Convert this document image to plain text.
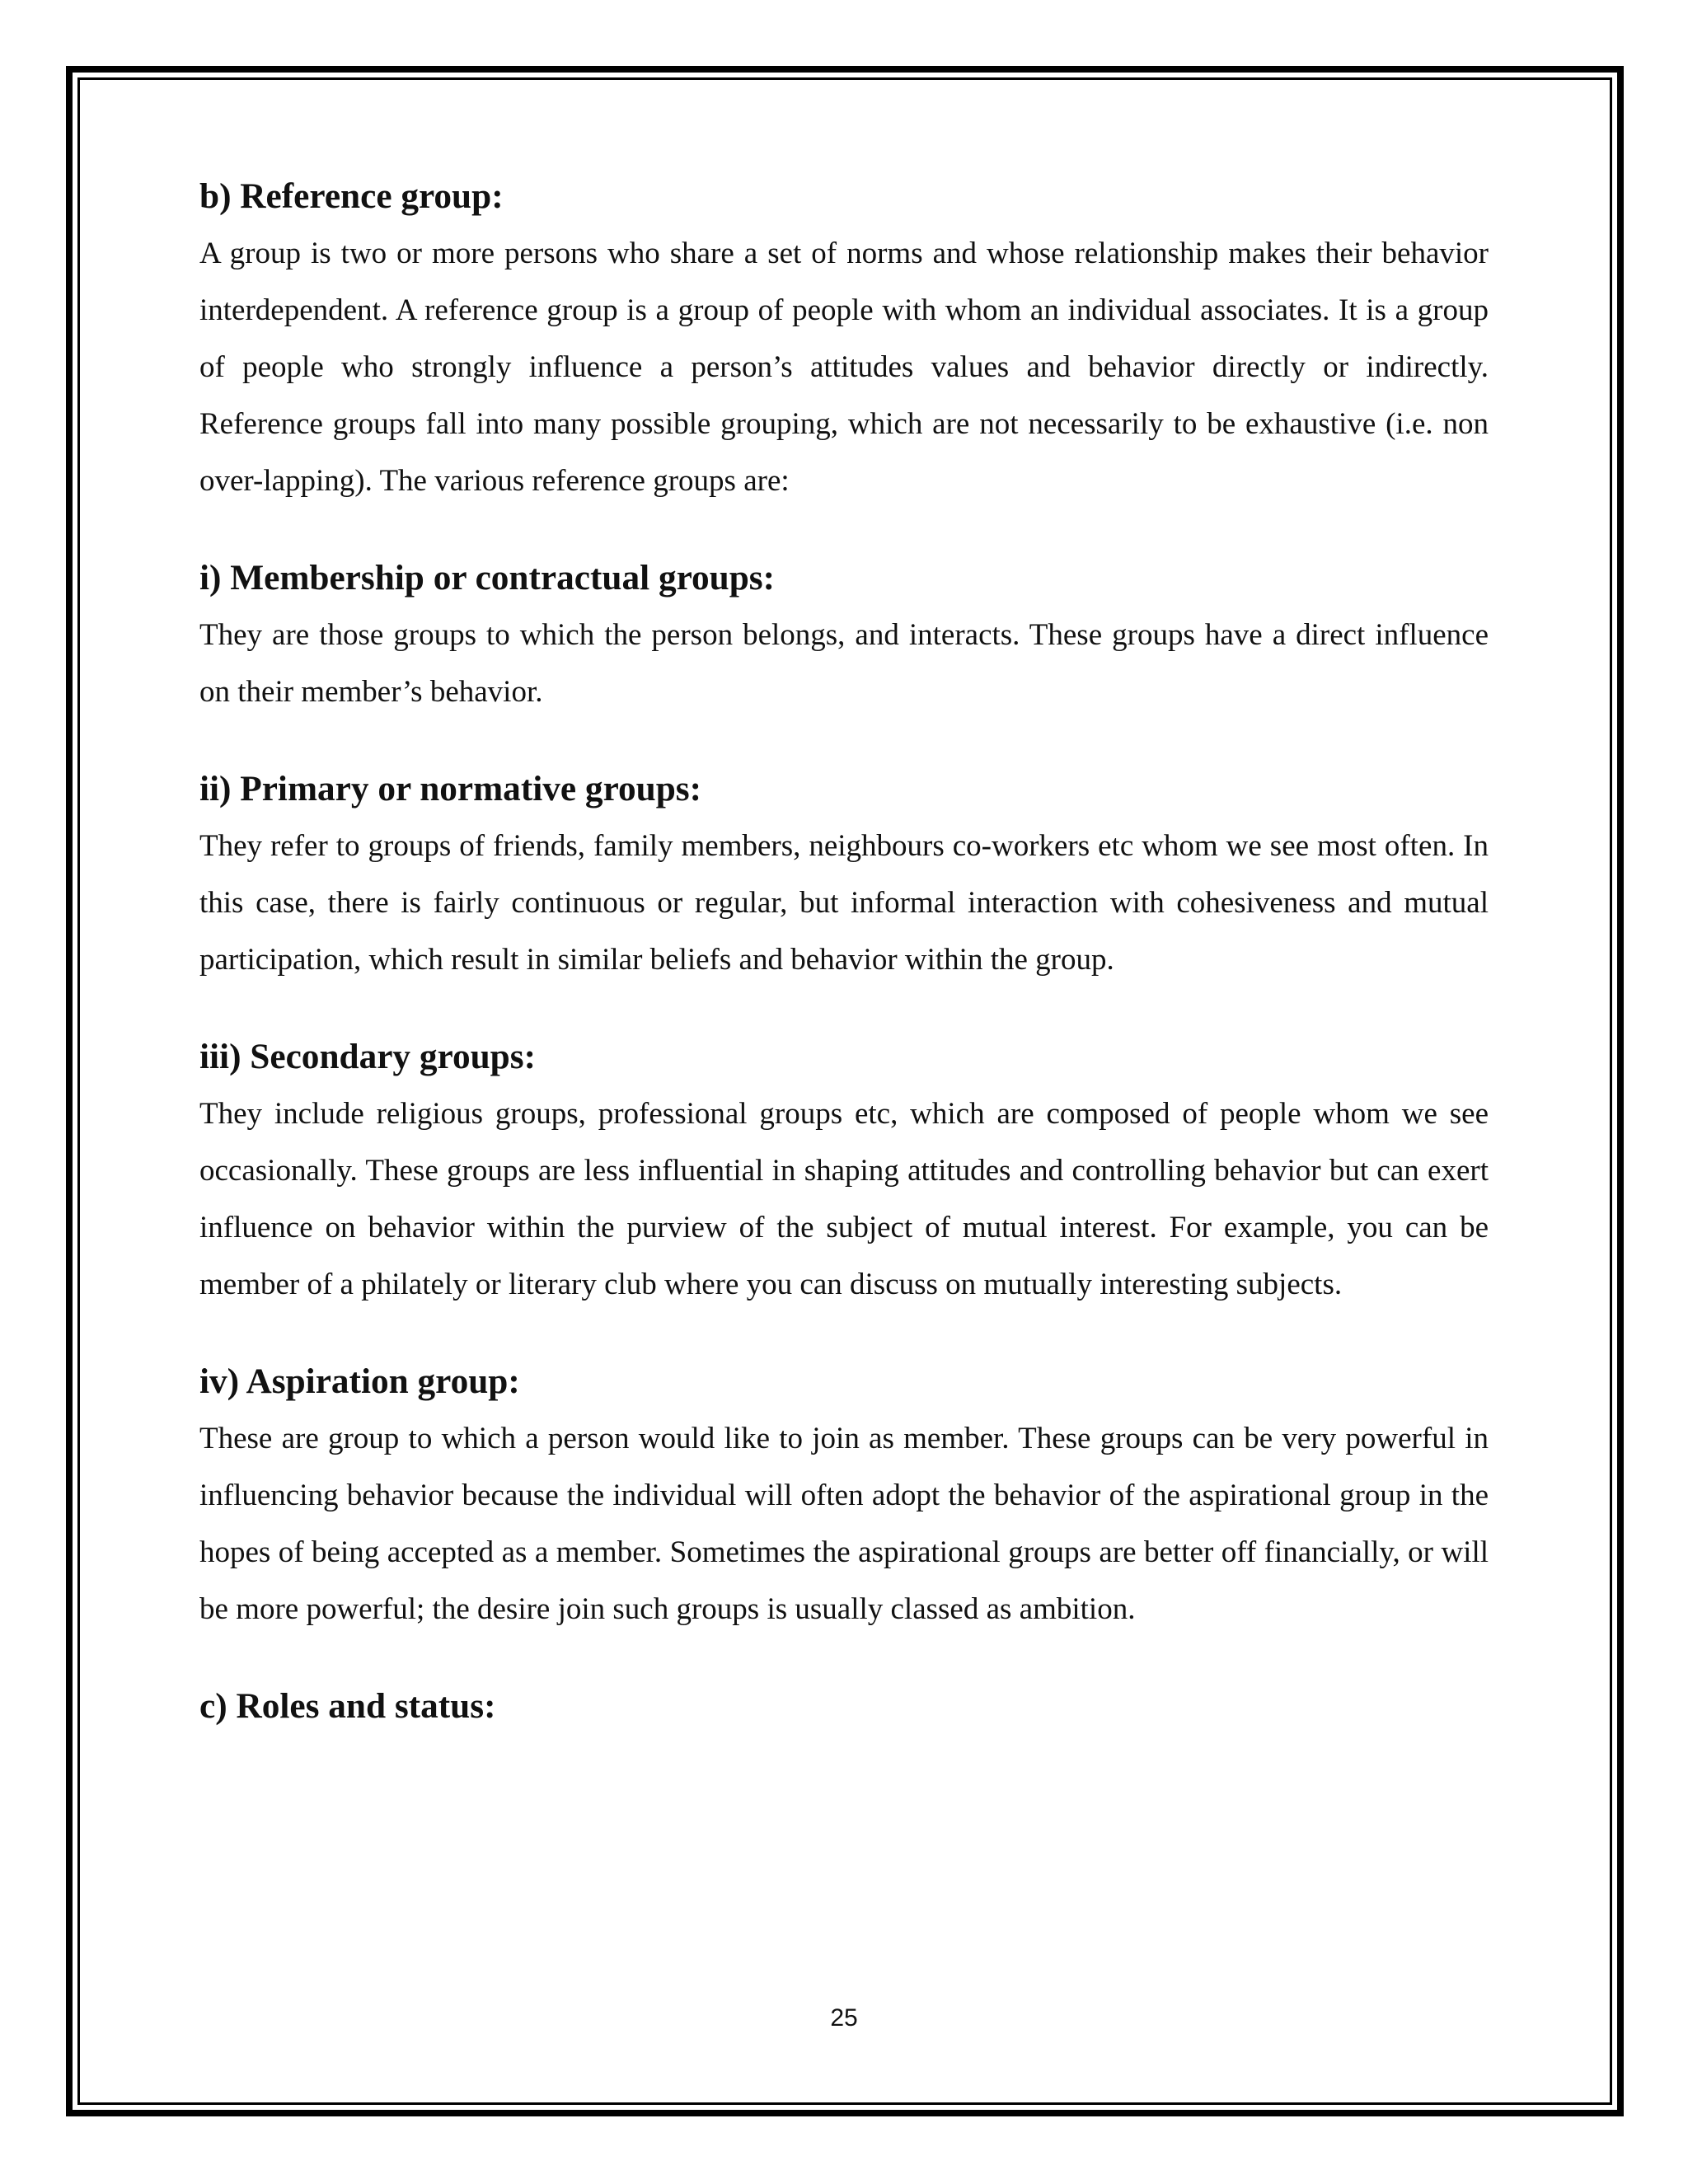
b) Reference group:

A group is two or more persons who share a set of norms and whose relationship makes their behavior interdependent. A reference group is a group of people with whom an individual associates. It is a group of people who strongly influence a person’s attitudes values and behavior directly or indirectly. Reference groups fall into many possible grouping, which are not necessarily to be exhaustive (i.e. non over-lapping). The various reference groups are:

i) Membership or contractual groups:

They are those groups to which the person belongs, and interacts. These groups have a direct influence on their member’s behavior.

ii) Primary or normative groups:

They refer to groups of friends, family members, neighbours co-workers etc whom we see most often. In this case, there is fairly continuous or regular, but informal interaction with cohesiveness and mutual participation, which result in similar beliefs and behavior within the group.

iii) Secondary groups:

They include religious groups, professional groups etc, which are composed of people whom we see occasionally. These groups are less influential in shaping attitudes and controlling behavior but can exert influence on behavior within the purview of the subject of mutual interest. For example, you can be member of a philately or literary club where you can discuss on mutually interesting subjects.

iv) Aspiration group:

These are group to which a person would like to join as member. These groups can be very powerful in influencing behavior because the individual will often adopt the behavior of the aspirational group in the hopes of being accepted as a member. Sometimes the aspirational groups are better off financially, or will be more powerful; the desire join such groups is usually classed as ambition.

c) Roles and status:
25
